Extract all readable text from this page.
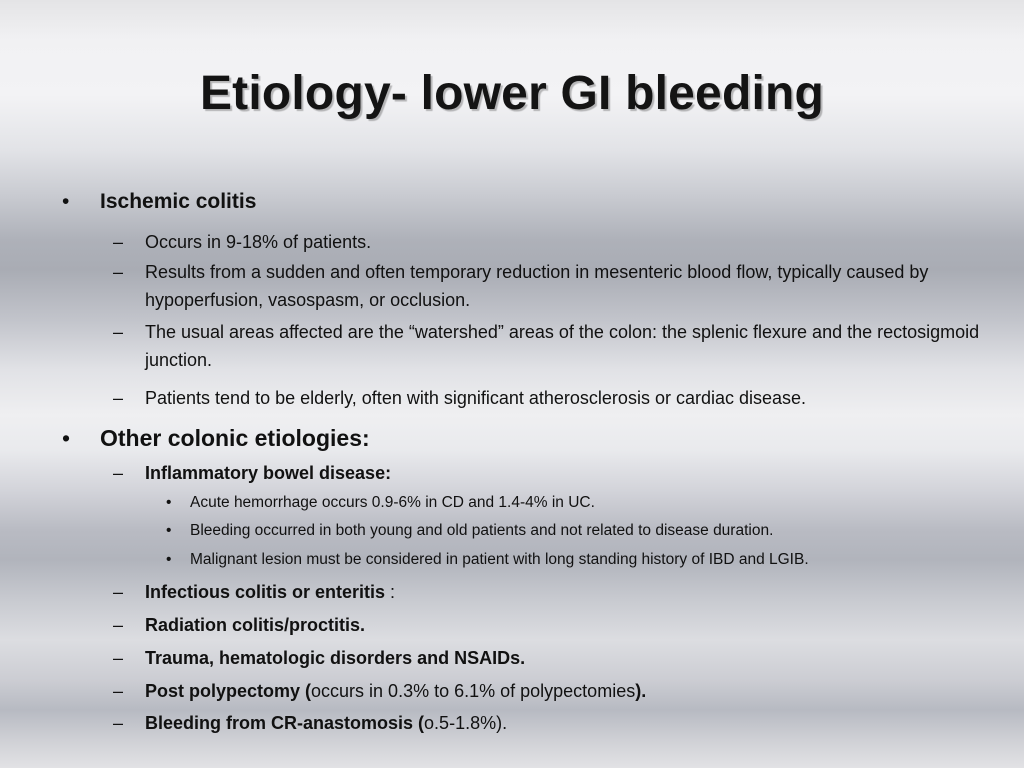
Etiology- lower GI bleeding
• Ischemic colitis
– Occurs in 9-18% of patients.
– Results from a sudden and often temporary reduction in mesenteric blood flow, typically caused by hypoperfusion, vasospasm, or occlusion.
– The usual areas affected are the “watershed” areas of the colon: the splenic flexure and the rectosigmoid junction.
– Patients tend to be elderly, often with significant atherosclerosis or cardiac disease.
• Other colonic etiologies:
– Inflammatory bowel disease:
• Acute hemorrhage occurs 0.9-6% in CD and 1.4-4% in UC.
• Bleeding occurred in both young and old patients and not related to disease duration.
• Malignant lesion must be considered in patient with long standing history of IBD and LGIB.
– Infectious colitis or enteritis :
– Radiation colitis/proctitis.
– Trauma, hematologic disorders and NSAIDs.
– Post polypectomy (occurs in 0.3% to 6.1% of polypectomies).
– Bleeding from CR-anastomosis (o.5-1.8%).
